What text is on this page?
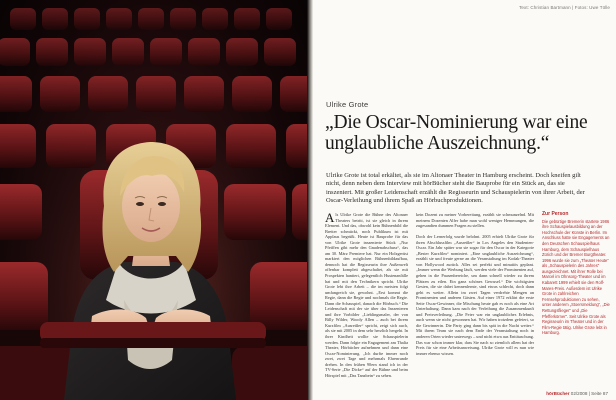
Text: Christian Bartmann | Fotos: Uwe Tölle
Ulrike Grote
„Die Oscar-Nominierung war eine unglaubliche Auszeichnung.“
Ulrike Grote ist total erkältet, als sie im Altonaer Theater in Hamburg erscheint. Doch kneifen gilt nicht, denn neben dem Interview mit hörBücher steht die Bauprobe für ein Stück an, das sie inszeniert. Mit großer Leidenschaft erzählt die Regisseurin und Schauspielerin von ihrer Arbeit, der Oscar-Verleihung und ihrem Spaß an Hörbuchproduktionen.
Als Ulrike Grote die Bühne des Altonaer Theaters betritt, ist sie gleich in ihrem Element. Und das, obwohl kein Bühnenbild die Bretter schmückt, noch Publikum ist mit Applaus begrüßt. Heute ist Bauprobe für das von Ulrike Grote inszenierte Stück „Nur Pfeiffen gibt mehr den Gnadenabschuss“, das am 30. März Premiere hat. Nur ein Holzgerüst markiert den möglichen Bühnenbildaufbau, dennoch hat die Regisseurin ihre Außenwelt offenbar komplett abgeschaltet, als sie mit Prospekten hantiert, gelegentlich Hustenanfälle hat und mit den Technikern spricht. Ulrike Grote lebt ihre Arbeit – die im meisten folgt umfangreich sie, gewohnt. „Erst kommt die Regie, dann die Regie und nochmals die Regie. Dann die Schauspiel, danach die Hörbuch.“ Die Leidenschaft mit der sie über das Inszenieren und ihre Vorbilder „Lieblingsmaler, der von Billy Wilder, Woody Allen – auch bei ihrem Kurzfilm „Ausreißer“ spricht, zeigt sich auch, als sie mit 2005 in dem sehr herzlich hergeht. In ihrer Kindheit wollte sie Schauspielerin werden. Dann folgte ein Engagement am Thalia Theater, Hörbücher aufnehmen und dann eine Oscar-Nominierung. „Ich durfte immer noch zwei, zwei Tage und mehrmals Ehrenrunde drehen. In den frühen 90ern stand ich in der TV-Serie „Die Dicke“ auf der Bühne und beim Hörspiel mit „Das Tanzbein“ zu sehen.
kein Dozent zu meiner Vorbereitung, erzählt sie schmunzelnd. Mit meinem Dozenten Alfer habe man wohl weniger Hemmungen, die zugesandten dummen Fragen zu stellen.

Doch der Lernerfolg wurde belohnt. 2005 erhielt Ulrike Grote für ihren Abschlussfilm „Ausreißer“ in Los Angeles den Studenten-Oscar. Ein Jahr später war sie sogar für den Oscar in der Kategorie „Bester Kurzfilm“ nominiert. „Eine unglaubliche Auszeichnung“, erzählt sie und freute gerne an die Veranstaltung im Kodak-Theater von Hollywood zurück. Alles sei perfekt und minutiös geplant. „Immer wenn die Werbung läuft, werden viele der Prominenten auf, gehen in die Pausenbereiche, um dann schnell wieder zu ihrem Plätzen zu eilen. Ein ganz schönes Gewusel.“ Die wichtigsten Gesten, die sie dabei kennenlernte, sind etwas schlecht, doch dann geht es weiter. Allein im zwei Tagen verdrehte Mengen an Prominenten und anderen Gästen. Auf einer 1972 erklärt die erste Seite Oscar-Gewinner, die Mischung heute gab es noch als eine Art Unterhaltung. Dann kam nach der Verleihung die Zusammenkunft und Preisverleihung. „Die Feier war ein unglaubliches Erlebnis, auch wenn sie nicht gewonnen hat. Wir haben trotzdem gefeiert, so die Gewinnerin. Die Party ging dann bis spät in die Nacht weiter.“ Mit ihrem Team sie nach dem Ende der Veranstaltung noch in anderen Orten wieder unterwegs – und nicht etwa aus Enttäuschung. Das war schon immer klar, dass Sie nach so ziemlich allem hat der Preis für sie eine Arbeitsanweisung. Ulrike Grote will es nun wie immer ebenso wissen.
Zur Person
Die gebürtige Bremerin startete 1986 ihre Schauspielausbildung an der Hochschule der Künste in Berlin. Im Anschluss hatte sie Engagements an den Deutschen Schauspielhaus Hamburg, dem Schauspielhaus Zürich und der Bremer Burgtheater. 1996 wurde sie zum „Theater Heute“ als „Schauspielerin des Jahres“ ausgezeichnet. Mit ihrer Rolle bei Marcel im Ohnsorg-Theater und im Kabarett 1999 erhielt sie den Rolf-Mares-Preis. Außerdem ist Ulrike Grote in zahlreichen Fernsehproduktionen zu sehen, unter anderem „Stoersmeldung“, „Die Rettungsflieger“ und „Die Pfefferkörner“. Seit Ulrike Grote als Regisseurin im Theater und in der Film-Regie tätig. Ulrike Grote lebt in Hamburg.
hörBücher 02/2008 | Seite 87
